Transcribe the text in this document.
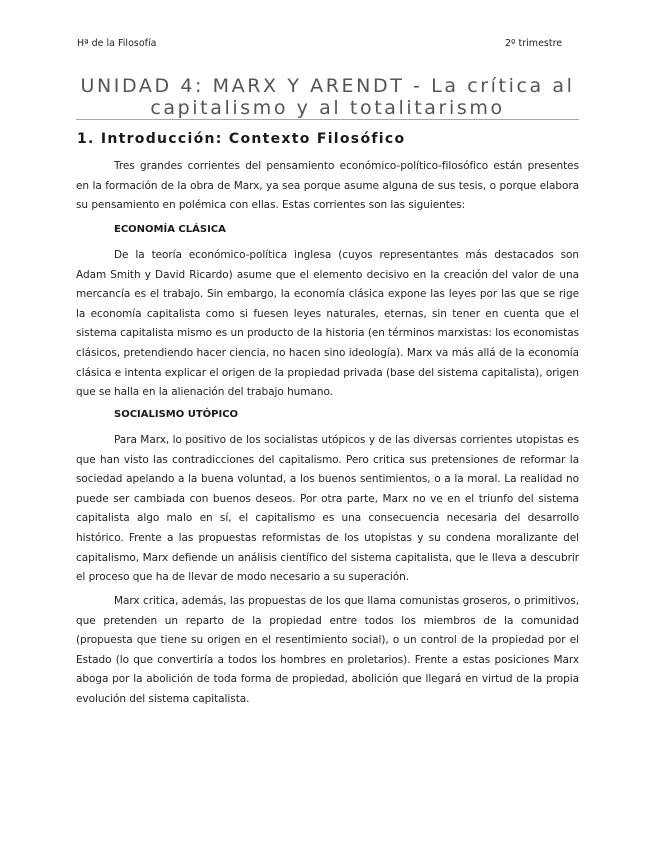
Hª de la Filosofía	2º trimestre
UNIDAD 4: MARX Y ARENDT - La crítica al capitalismo y al totalitarismo
1. Introducción: Contexto Filosófico

Tres grandes corrientes del pensamiento económico-político-filosófico están presentes en la formación de la obra de Marx, ya sea porque asume alguna de sus tesis, o porque elabora su pensamiento en polémica con ellas. Estas corrientes son las siguientes:

ECONOMÍA CLÁSICA

De la teoría económico-política inglesa (cuyos representantes más destacados son Adam Smith y David Ricardo) asume que el elemento decisivo en la creación del valor de una mercancía es el trabajo. Sin embargo, la economía clásica expone las leyes por las que se rige la economía capitalista como si fuesen leyes naturales, eternas, sin tener en cuenta que el sistema capitalista mismo es un producto de la historia (en términos marxistas: los economistas clásicos, pretendiendo hacer ciencia, no hacen sino ideología). Marx va más allá de la economía clásica e intenta explicar el origen de la propiedad privada (base del sistema capitalista), origen que se halla en la alienación del trabajo humano.

SOCIALISMO UTÓPICO

Para Marx, lo positivo de los socialistas utópicos y de las diversas corrientes utopistas es que han visto las contradicciones del capitalismo. Pero critica sus pretensiones de reformar la sociedad apelando a la buena voluntad, a los buenos sentimientos, o a la moral. La realidad no puede ser cambiada con buenos deseos. Por otra parte, Marx no ve en el triunfo del sistema capitalista algo malo en sí, el capitalismo es una consecuencia necesaria del desarrollo histórico. Frente a las propuestas reformistas de los utopistas y su condena moralizante del capitalismo, Marx defiende un análisis científico del sistema capitalista, que le lleva a descubrir el proceso que ha de llevar de modo necesario a su superación.

Marx critica, además, las propuestas de los que llama comunistas groseros, o primitivos, que pretenden un reparto de la propiedad entre todos los miembros de la comunidad (propuesta que tiene su origen en el resentimiento social), o un control de la propiedad por el Estado (lo que convertiría a todos los hombres en proletarios). Frente a estas posiciones Marx aboga por la abolición de toda forma de propiedad, abolición que llegará en virtud de la propia evolución del sistema capitalista.
